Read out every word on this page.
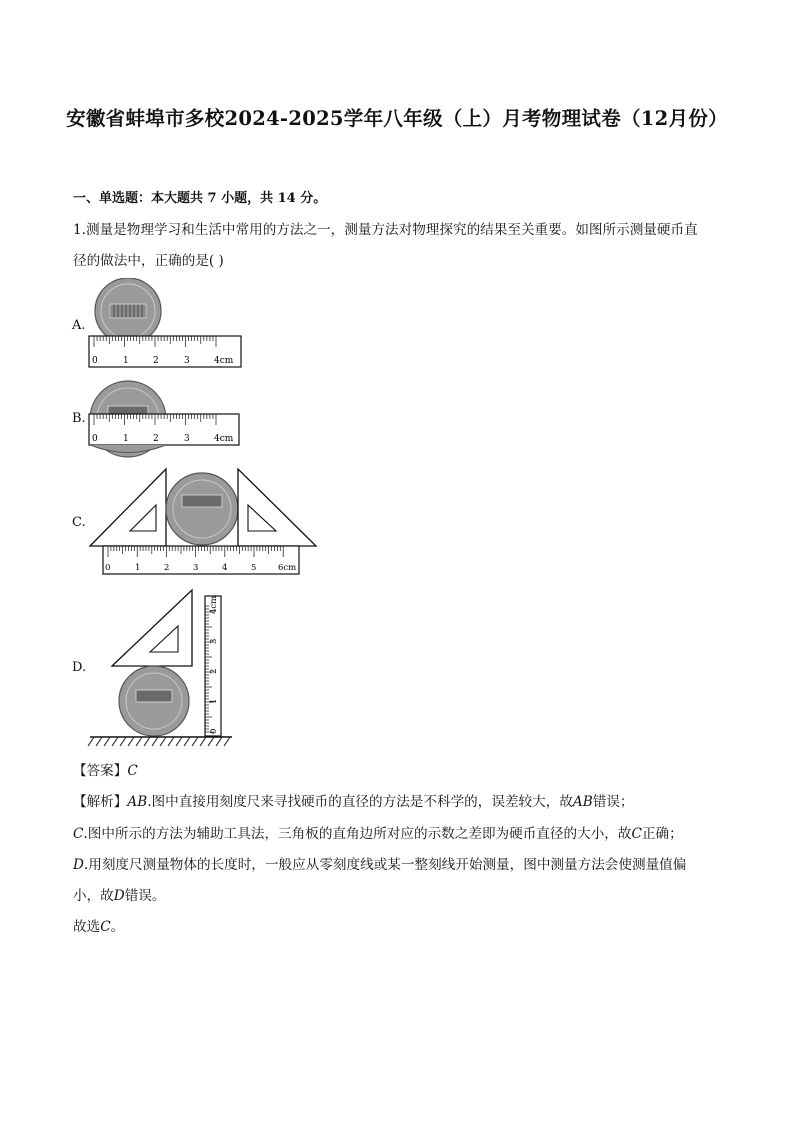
安徽省蚌埠市多校2024-2025学年八年级（上）月考物理试卷（12月份）
一、单选题：本大题共 7 小题，共 14 分。
1.测量是物理学习和生活中常用的方法之一，测量方法对物理探究的结果至关重要。如图所示测量硬币直
径的做法中，正确的是( )
A.
0	1	2	3	4cm
B.
0	1	2	3	4cm
C.
0	1	2	3	4	5	6cm
D.
0
1
2
3
4cm
【答案】C
【解析】AB.图中直接用刻度尺来寻找硬币的直径的方法是不科学的，误差较大，故AB错误；
C.图中所示的方法为辅助工具法，三角板的直角边所对应的示数之差即为硬币直径的大小，故C正确；
D.用刻度尺测量物体的长度时，一般应从零刻度线或某一整刻线开始测量，图中测量方法会使测量值偏
小，故D错误。
故选C。
